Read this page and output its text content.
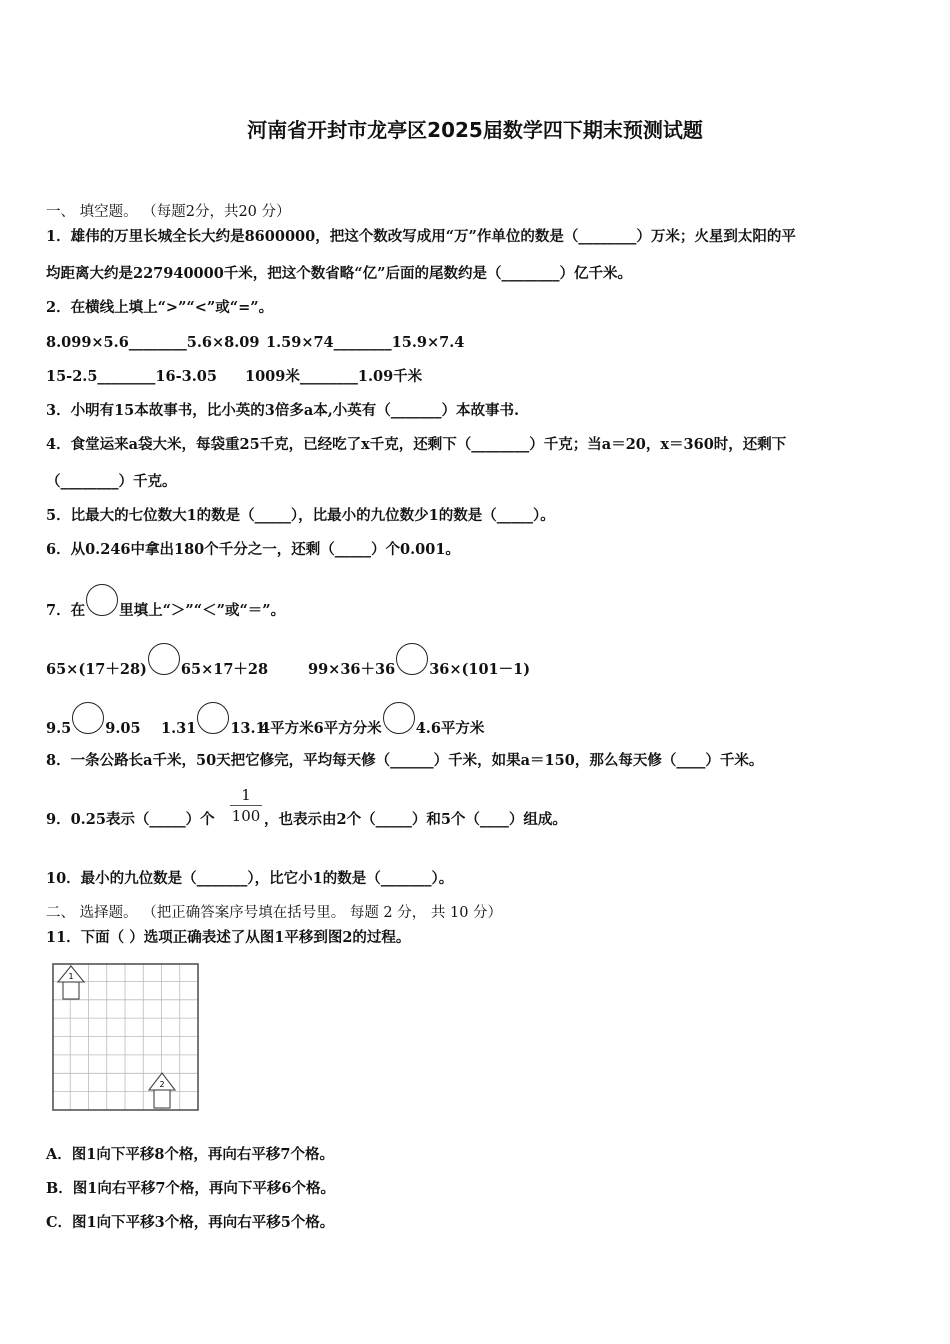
河南省开封市龙亭区2025届数学四下期末预测试题
一、 填空题。 （每题2分，共20 分）
1．雄伟的万里长城全长大约是8600000，把这个数改写成用“万”作单位的数是（________）万米；火星到太阳的平
均距离大约是227940000千米，把这个数省略“亿”后面的尾数约是（________）亿千米。
2．在横线上填上“>”“<”或“=”。
8.099×5.6________5.6×8.09 1.59×74________15.9×7.4
15-2.5________16-3.05 1009米________1.09千米
3．小明有15本故事书，比小英的3倍多a本,小英有（_______）本故事书.
4．食堂运来a袋大米，每袋重25千克，已经吃了x千克，还剩下（________）千克；当a＝20，x＝360时，还剩下
（________）千克。
5．比最大的七位数大1的数是（_____），比最小的九位数少1的数是（_____）。
6．从0.246中拿出180个千分之一，还剩（_____）个0.001。
7．在 里填上“＞”“＜”或“＝”。
65×(17＋28) 65×17＋28	99×36＋36 36×(101－1)
9.5 9.05 1.31 13.1
4平方米6平方分米 4.6平方米
8．一条公路长a千米，50天把它修完，平均每天修（______）千米，如果a＝150，那么每天修（____）千米。
9．0.25表示（_____）个
1
100 ，也表示由2个（_____）和5个（____）组成。
10．最小的九位数是（_______），比它小1的数是（_______）。
二、 选择题。 （把正确答案序号填在括号里。 每题 2 分， 共 10 分）
11．下面（ ）选项正确表述了从图1平移到图2的过程。
1
2
A．图1向下平移8个格，再向右平移7个格。
B．图1向右平移7个格，再向下平移6个格。
C．图1向下平移3个格，再向右平移5个格。
